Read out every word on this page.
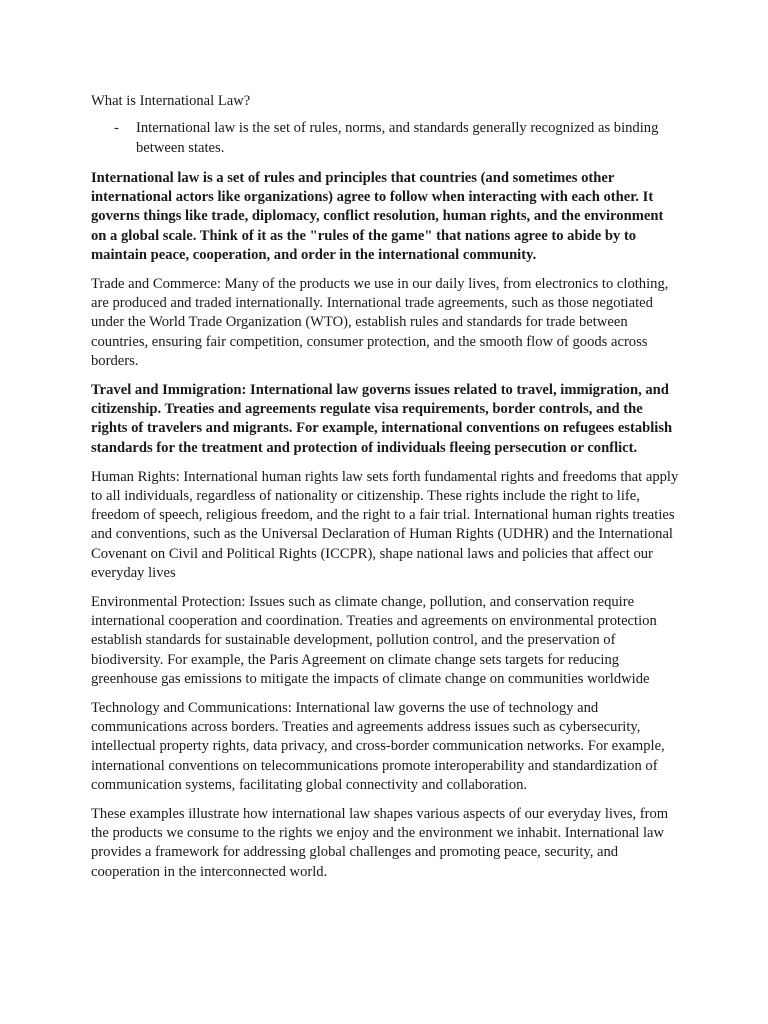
What is International Law?
- International law is the set of rules, norms, and standards generally recognized as binding between states.

International law is a set of rules and principles that countries (and sometimes other international actors like organizations) agree to follow when interacting with each other. It governs things like trade, diplomacy, conflict resolution, human rights, and the environment on a global scale. Think of it as the "rules of the game" that nations agree to abide by to maintain peace, cooperation, and order in the international community.

Trade and Commerce: Many of the products we use in our daily lives, from electronics to clothing, are produced and traded internationally. International trade agreements, such as those negotiated under the World Trade Organization (WTO), establish rules and standards for trade between countries, ensuring fair competition, consumer protection, and the smooth flow of goods across borders.

Travel and Immigration: International law governs issues related to travel, immigration, and citizenship. Treaties and agreements regulate visa requirements, border controls, and the rights of travelers and migrants. For example, international conventions on refugees establish standards for the treatment and protection of individuals fleeing persecution or conflict.

Human Rights: International human rights law sets forth fundamental rights and freedoms that apply to all individuals, regardless of nationality or citizenship. These rights include the right to life, freedom of speech, religious freedom, and the right to a fair trial. International human rights treaties and conventions, such as the Universal Declaration of Human Rights (UDHR) and the International Covenant on Civil and Political Rights (ICCPR), shape national laws and policies that affect our everyday lives

Environmental Protection: Issues such as climate change, pollution, and conservation require international cooperation and coordination. Treaties and agreements on environmental protection establish standards for sustainable development, pollution control, and the preservation of biodiversity. For example, the Paris Agreement on climate change sets targets for reducing greenhouse gas emissions to mitigate the impacts of climate change on communities worldwide

Technology and Communications: International law governs the use of technology and communications across borders. Treaties and agreements address issues such as cybersecurity, intellectual property rights, data privacy, and cross-border communication networks. For example, international conventions on telecommunications promote interoperability and standardization of communication systems, facilitating global connectivity and collaboration.

These examples illustrate how international law shapes various aspects of our everyday lives, from the products we consume to the rights we enjoy and the environment we inhabit. International law provides a framework for addressing global challenges and promoting peace, security, and cooperation in the interconnected world.
